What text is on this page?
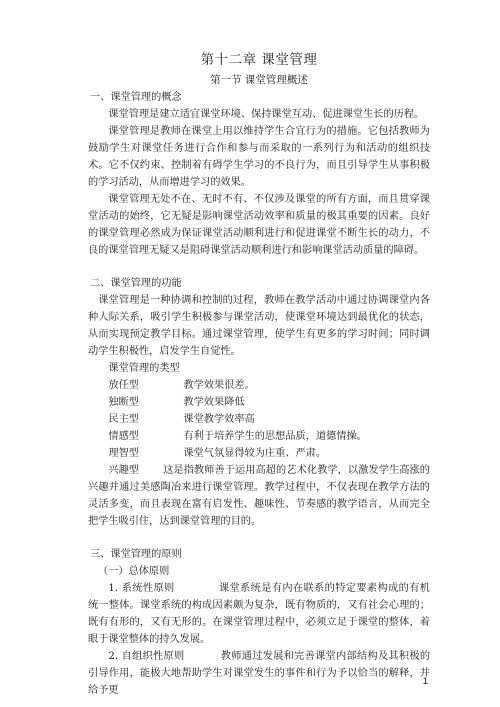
第十二章 课堂管理
第一节 课堂管理概述
一、课堂管理的概念

课堂管理是建立适宜课堂环境、保持课堂互动、促进课堂生长的历程。

课堂管理是教师在课堂上用以维持学生合宜行为的措施。它包括教师为鼓励学生对课堂任务进行合作和参与而采取的一系列行为和活动的组织技术。它不仅约束、控制着有碍学生学习的不良行为，而且引导学生从事积极的学习活动，从而增进学习的效果。

课堂管理无处不在、无时不有、不仅涉及课堂的所有方面，而且贯穿课堂活动的始终，它无疑是影响课堂活动效率和质量的极其重要的因素。良好的课堂管理必然成为保证课堂活动顺利进行和促进课堂不断生长的动力，不良的课堂管理无疑又是阻碍课堂活动顺利进行和影响课堂活动质量的障碍。

二、课堂管理的功能

课堂管理是一种协调和控制的过程，教师在教学活动中通过协调课堂内各种人际关系，吸引学生积极参与课堂活动，使课堂环境达到最优化的状态，从而实现预定教学目标。通过课堂管理，使学生有更多的学习时间；同时调动学生积极性，启发学生自觉性。

课堂管理的类型
放任型	教学效果很差。
独断型	教学效果降低
民主型	课堂教学效率高
情感型	有利于培养学生的思想品质，道德情操。
理智型	课堂气氛显得较为庄重、严肃。

兴趣型 这是指教师善于运用高超的艺术化教学，以激发学生高涨的兴趣并通过美感陶冶来进行课堂管理。教学过程中，不仅表现在教学方法的灵活多变，而且表现在富有启发性、趣味性、节奏感的教学语言，从而完全把学生吸引住，达到课堂管理的目的。

三、课堂管理的原则
（一）总体原则

1. 系统性原则	课堂系统是有内在联系的特定要素构成的有机统一整体。课堂系统的构成因素颇为复杂，既有物质的，又有社会心理的；既有有形的，又有无形的。在课堂管理过程中，必须立足于课堂的整体，着眼于课堂整体的持久发展。

2. 自组织性原则	教师通过发展和完善课堂内部结构及其积极的引导作用，能极大地帮助学生对课堂发生的事件和行为予以恰当的解释，并给予更

1
